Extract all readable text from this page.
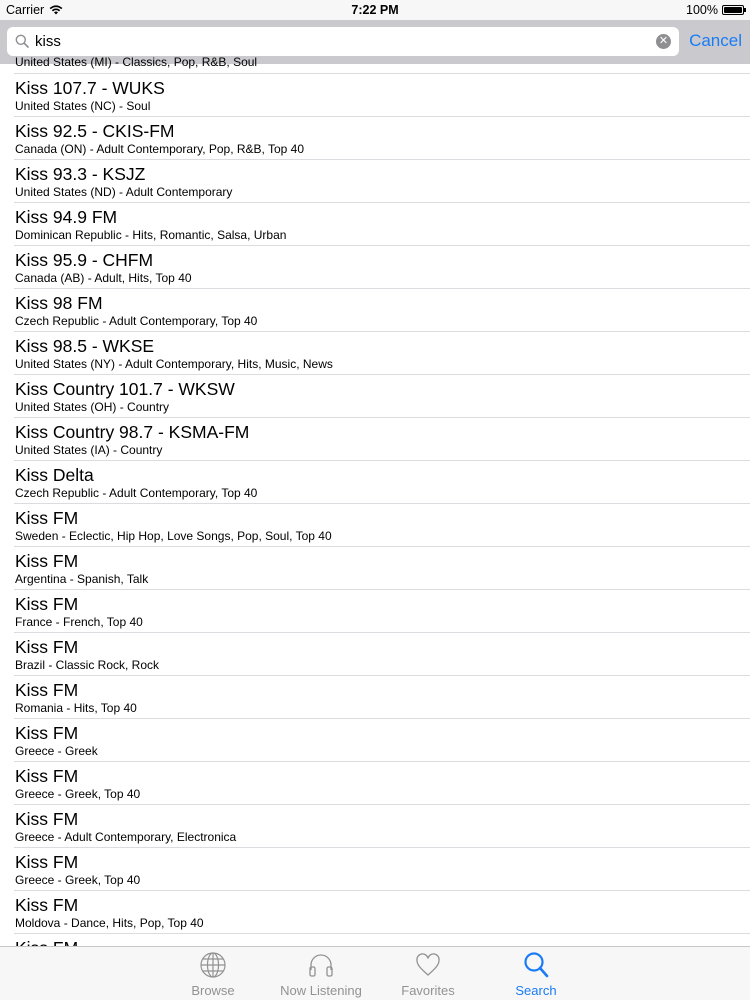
Carrier	7:22 PM	100%
kiss
✕ Cancel
United States (MI) - Classics, Pop, R&B, Soul
Kiss 107.7 - WUKS
United States (NC) - Soul
Kiss 92.5 - CKIS-FM
Canada (ON) - Adult Contemporary, Pop, R&B, Top 40
Kiss 93.3 - KSJZ
United States (ND) - Adult Contemporary
Kiss 94.9 FM
Dominican Republic - Hits, Romantic, Salsa, Urban
Kiss 95.9 - CHFM
Canada (AB) - Adult, Hits, Top 40
Kiss 98 FM
Czech Republic - Adult Contemporary, Top 40
Kiss 98.5 - WKSE
United States (NY) - Adult Contemporary, Hits, Music, News
Kiss Country 101.7 - WKSW
United States (OH) - Country
Kiss Country 98.7 - KSMA-FM
United States (IA) - Country
Kiss Delta
Czech Republic - Adult Contemporary, Top 40
Kiss FM
Sweden - Eclectic, Hip Hop, Love Songs, Pop, Soul, Top 40
Kiss FM
Argentina - Spanish, Talk
Kiss FM
France - French, Top 40
Kiss FM
Brazil - Classic Rock, Rock
Kiss FM
Romania - Hits, Top 40
Kiss FM
Greece - Greek
Kiss FM
Greece - Greek, Top 40
Kiss FM
Greece - Adult Contemporary, Electronica
Kiss FM
Greece - Greek, Top 40
Kiss FM
Moldova - Dance, Hits, Pop, Top 40
Browse	Now Listening	Favorites	Search
